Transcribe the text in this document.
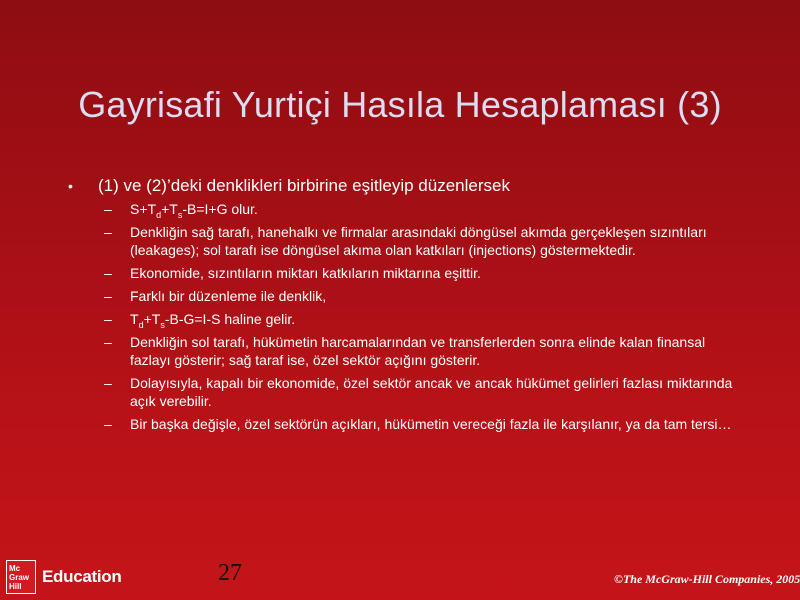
Gayrisafi Yurtiçi Hasıla Hesaplaması (3)
•	(1) ve (2)’deki denklikleri birbirine eşitleyip düzenlersek
–	$S+T_d+T_s-B=I+G$ olur.
–	Denkliğin sağ tarafı, hanehalkı ve firmalar arasındaki döngüsel akımda gerçekleşen sızıntıları (leakages); sol tarafı ise döngüsel akıma olan katkıları (injections) göstermektedir.
–	Ekonomide, sızıntıların miktarı katkıların miktarına eşittir.
–	Farklı bir düzenleme ile denklik,
–	$T_d+T_s-B-G=I-S$ haline gelir.
–	Denkliğin sol tarafı, hükümetin harcamalarından ve transferlerden sonra elinde kalan finansal fazlayı gösterir; sağ taraf ise, özel sektör açığını gösterir.
–	Dolayısıyla, kapalı bir ekonomide, özel sektör ancak ve ancak hükümet gelirleri fazlası miktarında açık verebilir.
–	Bir başka değişle, özel sektörün açıkları, hükümetin vereceği fazla ile karşılanır, ya da tam tersi…
Mc
Graw
Hill Education	27	©The McGraw-Hill Companies, 2005
